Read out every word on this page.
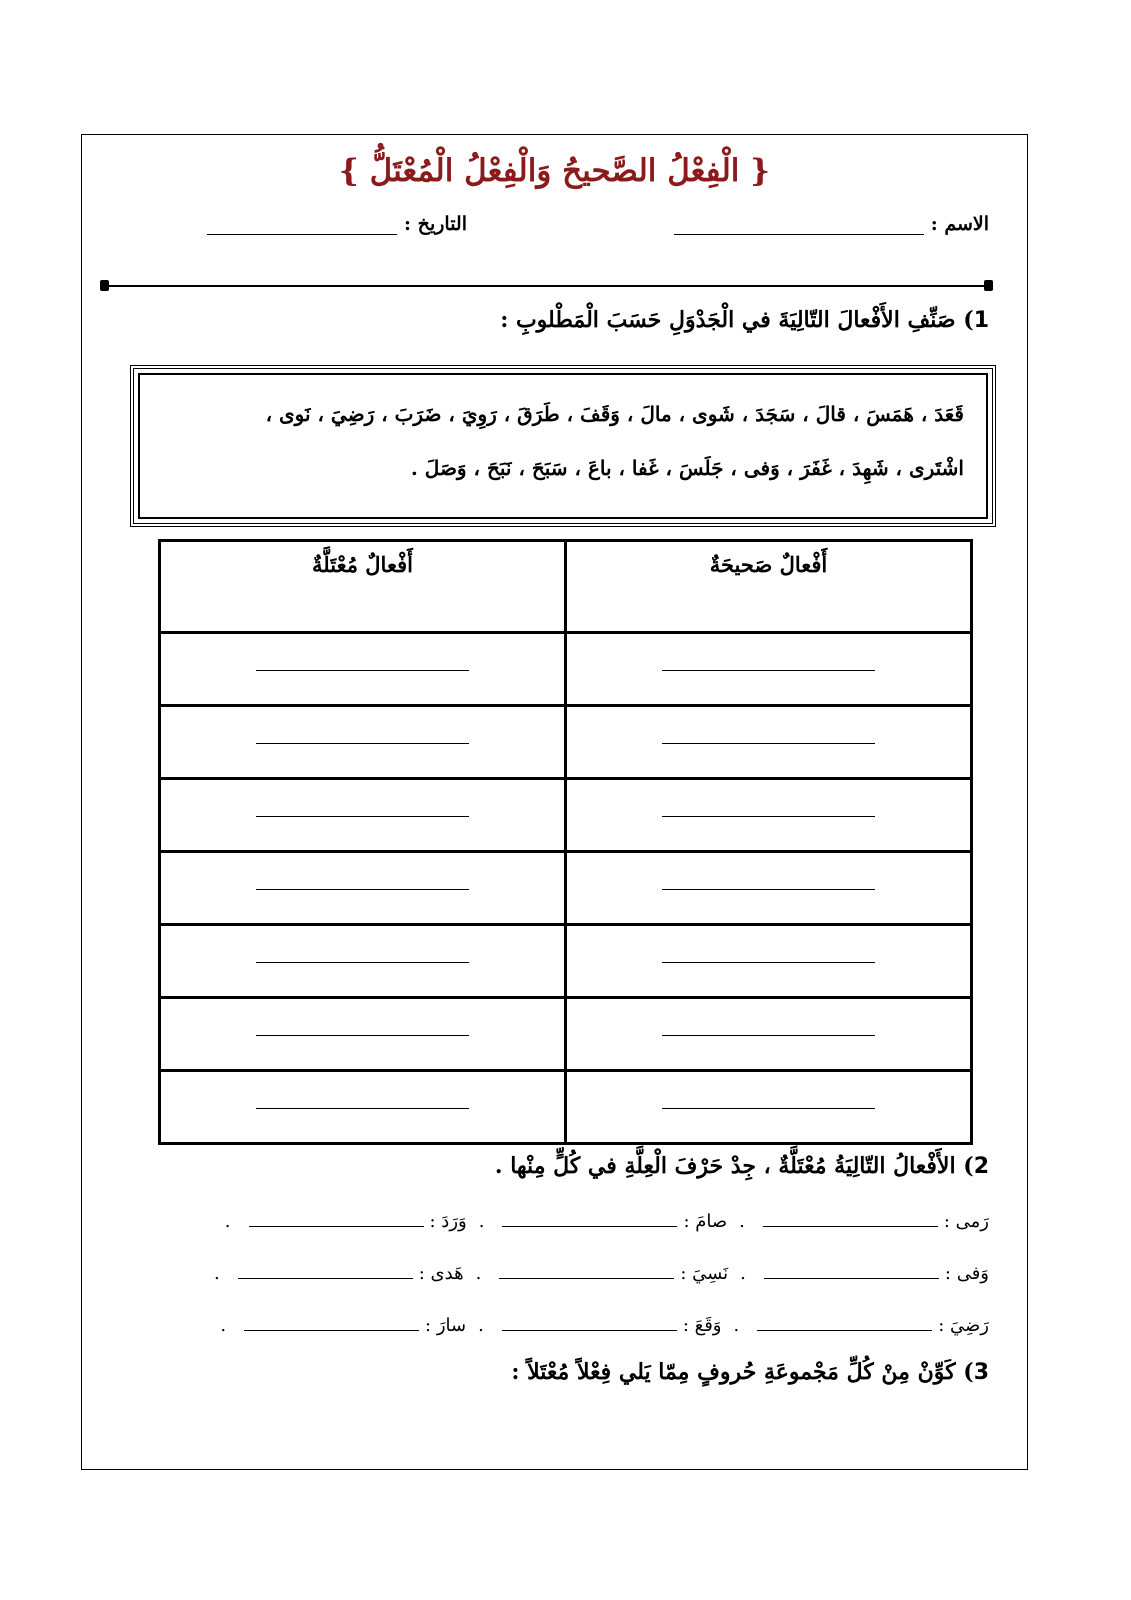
{ الْفِعْلُ الصَّحيحُ وَالْفِعْلُ الْمُعْتَلُّ }
الاسم :
التاريخ :
1) صَنِّفِ الأَفْعالَ التّالِيَةَ في الْجَدْوَلِ حَسَبَ الْمَطْلوبِ :
قَعَدَ ، هَمَسَ ، قالَ ، سَجَدَ ، شَوى ، مالَ ، وَقَفَ ، طَرَقَ ، رَوِيَ ، ضَرَبَ ، رَضِيَ ، نَوى ،
اشْتَرى ، شَهِدَ ، غَفَرَ ، وَفى ، جَلَسَ ، غَفا ، باعَ ، سَبَحَ ، نَبَحَ ، وَصَلَ .
أَفْعالٌ صَحيحَةٌ	أَفْعالٌ مُعْتَلَّةٌ

2) الأَفْعالُ التّالِيَةُ مُعْتَلَّةٌ ، جِدْ حَرْفَ الْعِلَّةِ في كُلٍّ مِنْها .
رَمى :
.
صامَ :
.
وَرَدَ :
.
وَفى :
.
نَسِيَ :
.
هَدى :
.
رَضِيَ :
.
وَقَعَ :
.
سارَ :
.
3) كَوِّنْ مِنْ كُلِّ مَجْموعَةِ حُروفٍ مِمّا يَلي فِعْلاً مُعْتَلاً :
